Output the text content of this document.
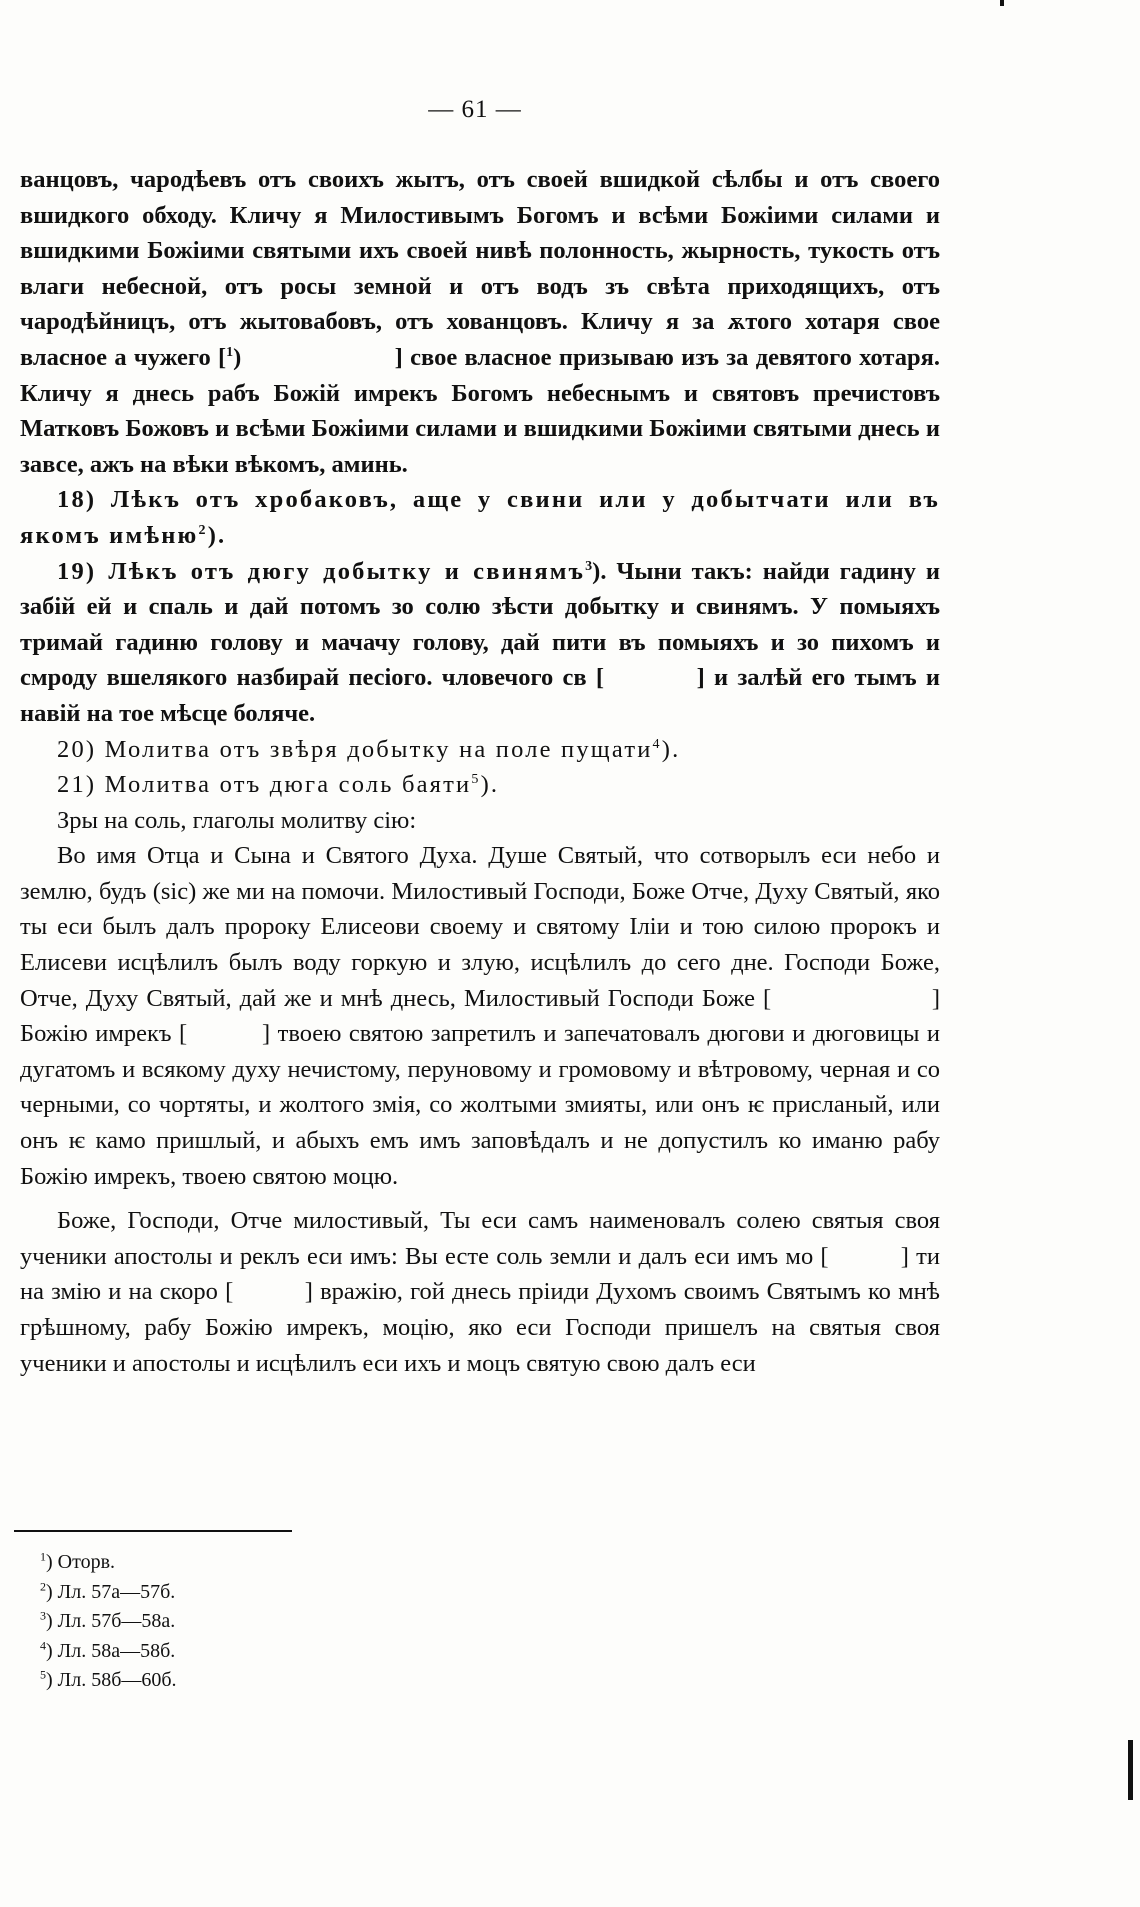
— 61 —

ванцовъ, чародѣевъ отъ своихъ жытъ, отъ своей вшидкой сѣлбы и отъ своего вшидкого обходу. Кличу я Милостивымъ Богомъ и всѣми Божiими силами и вшидкими Божiими святыми ихъ своей нивѣ полонность, жырность, тукость отъ влаги небесной, отъ росы земной и отъ водъ зъ свѣта приходящихъ, отъ чародѣйницъ, отъ жытовабовъ, отъ хованцовъ. Кличу я за ѫтого хотаря свое власное а чужего [$^1$)                     ] свое власное призываю изъ за девятого хотаря. Кличу я днесь рабъ Божiй имрекъ Богомъ небеснымъ и святовъ пречистовъ Матковъ Божовъ и всѣми Божiими силами и вшидкими Божiими святыми днесь и завсе, ажъ на вѣки вѣкомъ, аминь.

18) Лѣкъ отъ хробаковъ, аще у свини или у добытчати или въ якомъ имѣню$^2$).

19) Лѣкъ отъ дюгу добытку и свинямъ$^3$). Чыни такъ: найди гадину и забiй ей и спаль и дай потомъ зо солю зѣсти добытку и свинямъ. У помыяхъ тримай гадиню голову и мачачу голову, дай пити въ помыяхъ и зо пихомъ и смроду вшелякого назбирай песiого. чловечого св [          ] и залѣй его тымъ и навiй на тое мѣсце боляче.

20) Молитва отъ звѣря добытку на поле пущати$^4$).

21) Молитва отъ дюга соль баяти$^5$).

Зры на соль, глаголы молитву сiю:

Во имя Отца и Сына и Святого Духа. Душе Святый, что сотворылъ еси небо и землю, будъ (sic) же ми на помочи. Милостивый Господи, Боже Отче, Духу Святый, яко ты еси былъ далъ пророку Елисеови своему и святому Iлiи и тою силою пророкъ и Елисеви исцѣлилъ былъ воду горкую и злую, исцѣлилъ до сего дне. Господи Боже, Отче, Духу Святый, дай же и мнѣ днесь, Милостивый Господи Боже [                    ] Божiю имрекъ [          ] твоею святою запретилъ и запечатовалъ дюгови и дюговицы и дугатомъ и всякому духу нечистому, перуновому и громовому и вѣтровому, черная и со черными, со чортяты, и жолтого змiя, со жолтыми змияты, или онъ ѥ присланый, или онъ ѥ камо пришлый, и абыхъ емъ имъ заповѣдалъ и не допустилъ ко иманю рабу Божiю имрекъ, твоею святою моцю.

Боже, Господи, Отче милостивый, Ты еси самъ наименовалъ солею святыя своя ученики апостолы и реклъ еси имъ: Вы есте соль земли и далъ еси имъ мо [          ] ти на змiю и на скоро [          ] вражiю, гой днесь прiиди Духомъ своимъ Святымъ ко мнѣ грѣшному, рабу Божiю имрекъ, моцiю, яко еси Господи пришелъ на святыя своя ученики и апостолы и исцѣлилъ еси ихъ и моцъ святую свою далъ еси

$^1$) Оторв.
$^2$) Лл. 57а—57б.
$^3$) Лл. 57б—58а.
$^4$) Лл. 58а—58б.
$^5$) Лл. 58б—60б.
